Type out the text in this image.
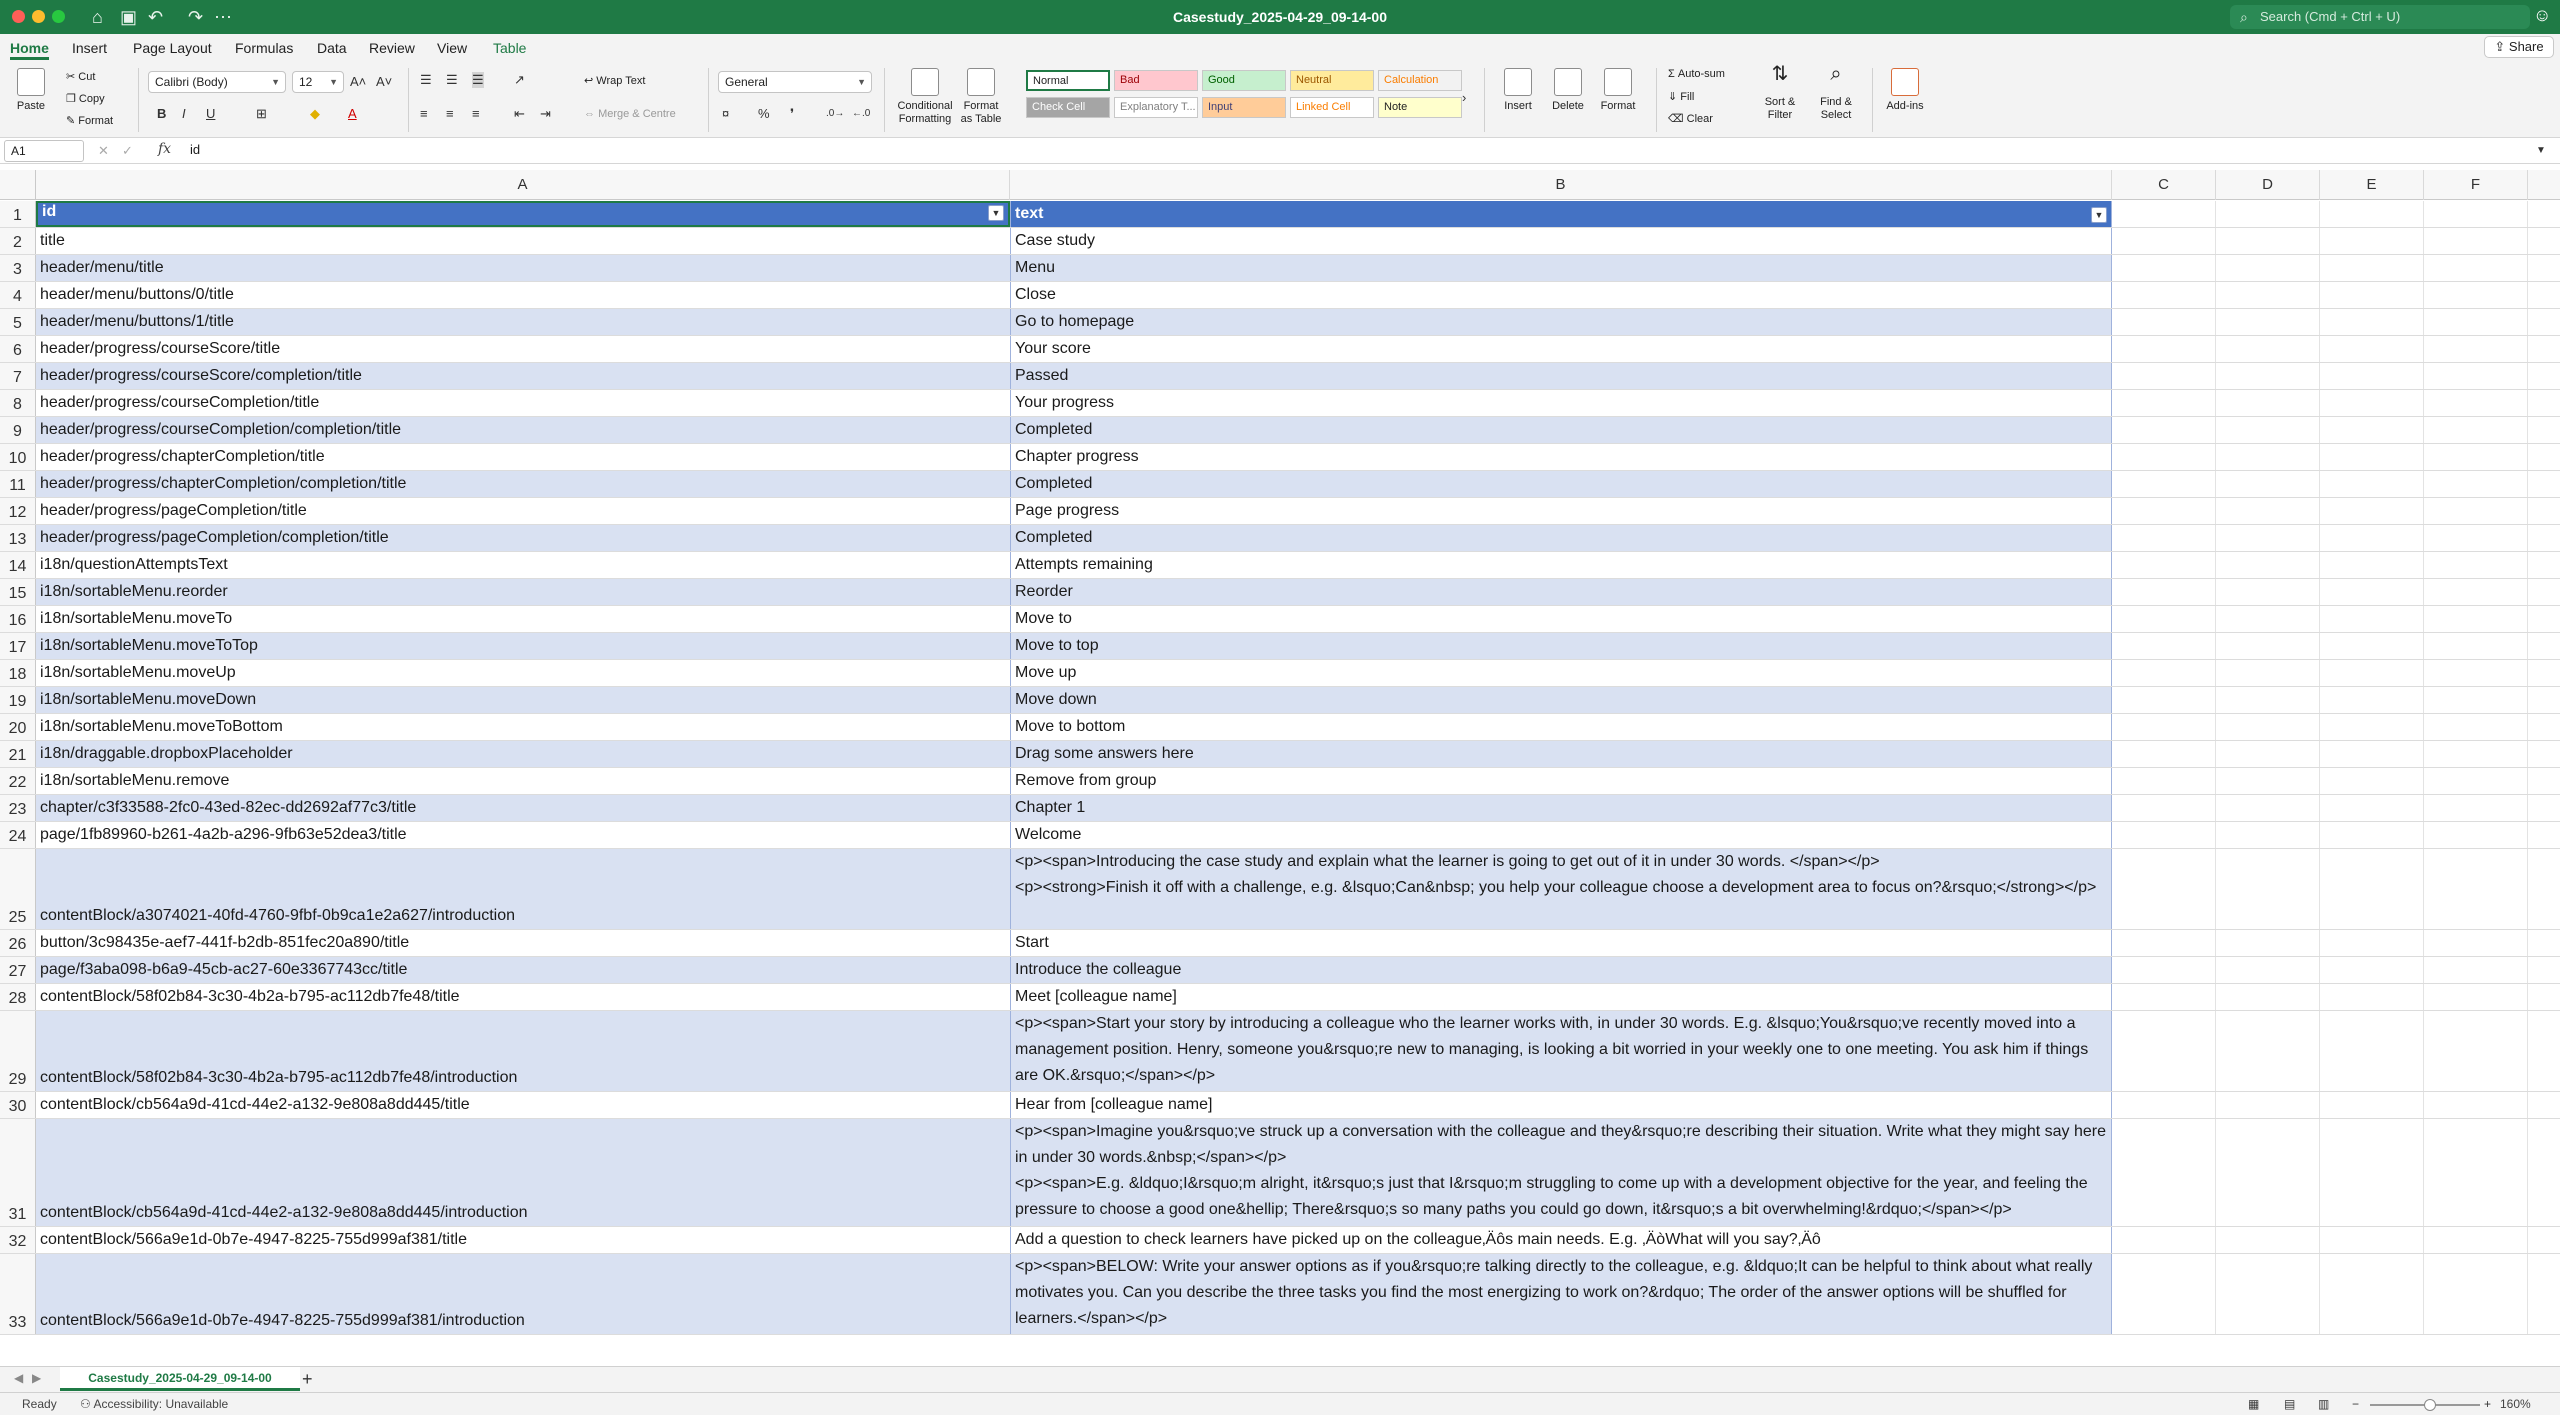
⌂ ▣ ↶ ↷ ⋯	Casestudy_2025-04-29_09-14-00	⌕ Search (Cmd + Ctrl + U)	☺
Home Insert Page Layout Formulas Data Review View Table	⇪ Share

Paste
✂ Cut
❐ Copy
✎ Format
Calibri (Body)	▼	12 ▼ A˄ A˅
B I U	⊞	◆ A
☰ ☰ ☰ ↗
≡ ≡ ≡	⇤ ⇥
↩ Wrap Text
⇔ Merge & Centre
General	▼
¤ % ❜	.0→ ←.0

Conditional Formatting

Format as Table
›

Insert	Delete	Format
Σ Auto-sum
⇓ Fill
⌫ Clear
⇅
Sort & Filter
⌕
Find & Select

Add-ins
Normal	Bad	Good	Neutral	Calculation
Check Cell	Explanatory T...	Input	Linked Cell	Note
A1	✕ ✓ fx id	▼
A	B	C	D	E	F
1	id	▼ text	▼
2	title	Case study
3	header/menu/title	Menu
4	header/menu/buttons/0/title	Close
5	header/menu/buttons/1/title	Go to homepage
6	header/progress/courseScore/title	Your score
7	header/progress/courseScore/completion/title	Passed
8	header/progress/courseCompletion/title	Your progress
9	header/progress/courseCompletion/completion/title	Completed
10 header/progress/chapterCompletion/title	Chapter progress
11 header/progress/chapterCompletion/completion/title	Completed
12 header/progress/pageCompletion/title	Page progress
13 header/progress/pageCompletion/completion/title	Completed
14 i18n/questionAttemptsText	Attempts remaining
15 i18n/sortableMenu.reorder	Reorder
16 i18n/sortableMenu.moveTo	Move to
17 i18n/sortableMenu.moveToTop	Move to top
18 i18n/sortableMenu.moveUp	Move up
19 i18n/sortableMenu.moveDown	Move down
20 i18n/sortableMenu.moveToBottom	Move to bottom
21 i18n/draggable.dropboxPlaceholder	Drag some answers here
22 i18n/sortableMenu.remove	Remove from group
23 chapter/c3f33588-2fc0-43ed-82ec-dd2692af77c3/title	Chapter 1
24 page/1fb89960-b261-4a2b-a296-9fb63e52dea3/title	Welcome
25 contentBlock/a3074021-40fd-4760-9fbf-0b9ca1e2a627/introduction
<p><span>Introducing the case study and explain what the learner is going to get out of it in under 30 words. </span></p>
<p><strong>Finish it off with a challenge, e.g. &lsquo;Can&nbsp; you help your colleague choose a development area to focus on?&rsquo;</strong></p>
26 button/3c98435e-aef7-441f-b2db-851fec20a890/title	Start
27 page/f3aba098-b6a9-45cb-ac27-60e3367743cc/title	Introduce the colleague
28 contentBlock/58f02b84-3c30-4b2a-b795-ac112db7fe48/title	Meet [colleague name]
29 contentBlock/58f02b84-3c30-4b2a-b795-ac112db7fe48/introduction
<p><span>Start your story by introducing a colleague who the learner works with, in under 30 words. E.g. &lsquo;You&rsquo;ve recently moved into a management position. Henry, someone you&rsquo;re new to managing, is looking a bit worried in your weekly one to one meeting. You ask him if things are OK.&rsquo;</span></p>
30 contentBlock/cb564a9d-41cd-44e2-a132-9e808a8dd445/title	Hear from [colleague name]
31 contentBlock/cb564a9d-41cd-44e2-a132-9e808a8dd445/introduction
<p><span>Imagine you&rsquo;ve struck up a conversation with the colleague and they&rsquo;re describing their situation. Write what they might say here in under 30 words.&nbsp;</span></p>
<p><span>E.g. &ldquo;I&rsquo;m alright, it&rsquo;s just that I&rsquo;m struggling to come up with a development objective for the year, and feeling the pressure to choose a good one&hellip; There&rsquo;s so many paths you could go down, it&rsquo;s a bit overwhelming!&rdquo;</span></p>
32 contentBlock/566a9e1d-0b7e-4947-8225-755d999af381/title	Add a question to check learners have picked up on the colleague‚Äôs main needs. E.g. ‚ÄòWhat will you say?‚Äô
33 contentBlock/566a9e1d-0b7e-4947-8225-755d999af381/introduction
<p><span>BELOW: Write your answer options as if you&rsquo;re talking directly to the colleague, e.g. &ldquo;It can be helpful to think about what really motivates you. Can you describe the three tasks you find the most energizing to work on?&rdquo; The order of the answer options will be shuffled for learners.</span></p>
◀ ▶	Casestudy_2025-04-29_09-14-00	+
Ready ⚇ Accessibility: Unavailable	▦ ▤ ▥ −	+ 160%
